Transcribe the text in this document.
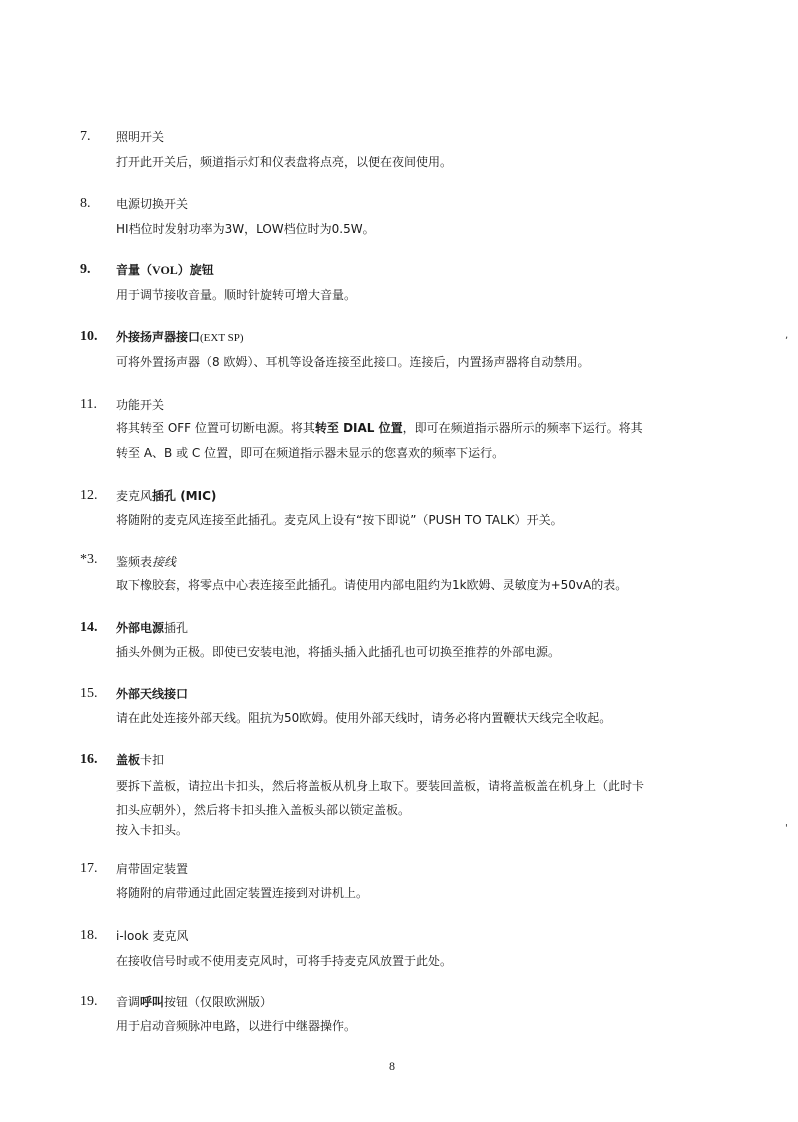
7.	照明开关
打开此开关后，频道指示灯和仪表盘将点亮，以便在夜间使用。
8.	电源切换开关
HI档位时发射功率为3W，LOW档位时为0.5W。
9.	音量（VOL）旋钮
用于调节接收音量。顺时针旋转可增大音量。
10.	外接扬声器接口(EXT SP)
可将外置扬声器（8 欧姆）、耳机等设备连接至此接口。连接后，内置扬声器将自动禁用。
11.	功能开关
将其转至 OFF 位置可切断电源。将其转至 DIAL 位置，即可在频道指示器所示的频率下运行。将其
转至 A、B 或 C 位置，即可在频道指示器未显示的您喜欢的频率下运行。
12.	麦克风插孔 (MIC)
将随附的麦克风连接至此插孔。麦克风上设有“按下即说”（PUSH TO TALK）开关。
*3.	鉴频表接线
取下橡胶套，将零点中心表连接至此插孔。请使用内部电阻约为1k欧姆、灵敏度为+50vA的表。
14.	外部电源插孔
插头外侧为正极。即使已安装电池，将插头插入此插孔也可切换至推荐的外部电源。
15.	外部天线接口
请在此处连接外部天线。阻抗为50欧姆。使用外部天线时，请务必将内置鞭状天线完全收起。
16.	盖板卡扣
要拆下盖板，请拉出卡扣头，然后将盖板从机身上取下。要装回盖板，请将盖板盖在机身上（此时卡
扣头应朝外），然后将卡扣头推入盖板头部以锁定盖板。
按入卡扣头。
17.	肩带固定装置
将随附的肩带通过此固定装置连接到对讲机上。
18.	i-look 麦克风
在接收信号时或不使用麦克风时，可将手持麦克风放置于此处。
19.	音调呼叫按钮（仅限欧洲版）
用于启动音频脉冲电路，以进行中继器操作。
,
'
8
